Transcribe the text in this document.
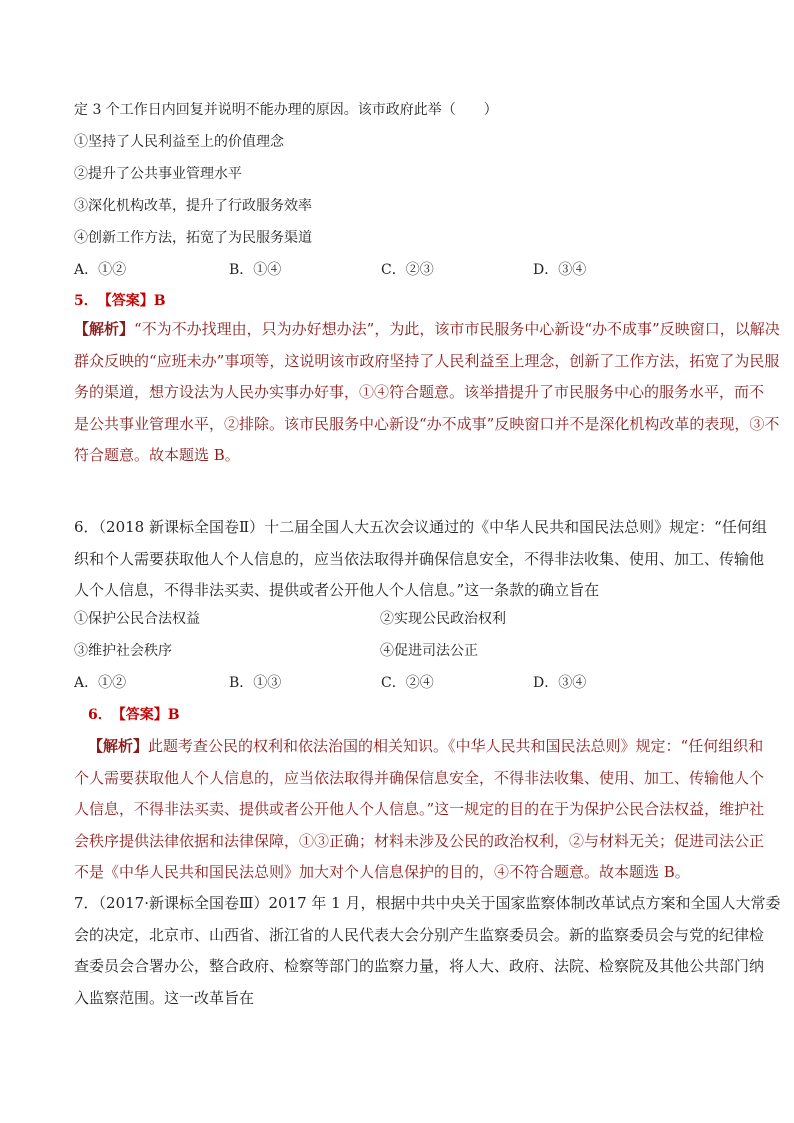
定 3 个工作日内回复并说明不能办理的原因。该市政府此举（　　）
①坚持了人民利益至上的价值理念
②提升了公共事业管理水平
③深化机构改革，提升了行政服务效率
④创新工作方法，拓宽了为民服务渠道
A．①②	B．①④	C．②③	D．③④
5．　【答案】B
【解析】“不为不办找理由，只为办好想办法”，为此，该市市民服务中心新设“办不成事”反映窗口，以解决
群众反映的“应班未办”事项等，这说明该市政府坚持了人民利益至上理念，创新了工作方法，拓宽了为民服
务的渠道，想方设法为人民办实事办好事，①④符合题意。该举措提升了市民服务中心的服务水平，而不
是公共事业管理水平，②排除。该市民服务中心新设“办不成事”反映窗口并不是深化机构改革的表现，③不
符合题意。故本题选 B。
6．（2018 新课标全国卷Ⅱ）十二届全国人大五次会议通过的《中华人民共和国民法总则》规定：“任何组
织和个人需要获取他人个人信息的，应当依法取得并确保信息安全，不得非法收集、使用、加工、传输他
人个人信息，不得非法买卖、提供或者公开他人个人信息。”这一条款的确立旨在
①保护公民合法权益	②实现公民政治权利
③维护社会秩序	④促进司法公正
A．①②	B．①③	C．②④	D．③④
6．　【答案】B
【解析】此题考查公民的权利和依法治国的相关知识。《中华人民共和国民法总则》规定：“任何组织和
个人需要获取他人个人信息的，应当依法取得并确保信息安全，不得非法收集、使用、加工、传输他人个
人信息，不得非法买卖、提供或者公开他人个人信息。”这一规定的目的在于为保护公民合法权益，维护社
会秩序提供法律依据和法律保障，①③正确；材料未涉及公民的政治权利，②与材料无关；促进司法公正
不是《中华人民共和国民法总则》加大对个人信息保护的目的，④不符合题意。故本题选 B。
7．（2017·新课标全国卷Ⅲ）2017 年 1 月，根据中共中央关于国家监察体制改革试点方案和全国人大常委
会的决定，北京市、山西省、浙江省的人民代表大会分别产生监察委员会。新的监察委员会与党的纪律检
查委员会合署办公，整合政府、检察等部门的监察力量，将人大、政府、法院、检察院及其他公共部门纳
入监察范围。这一改革旨在
